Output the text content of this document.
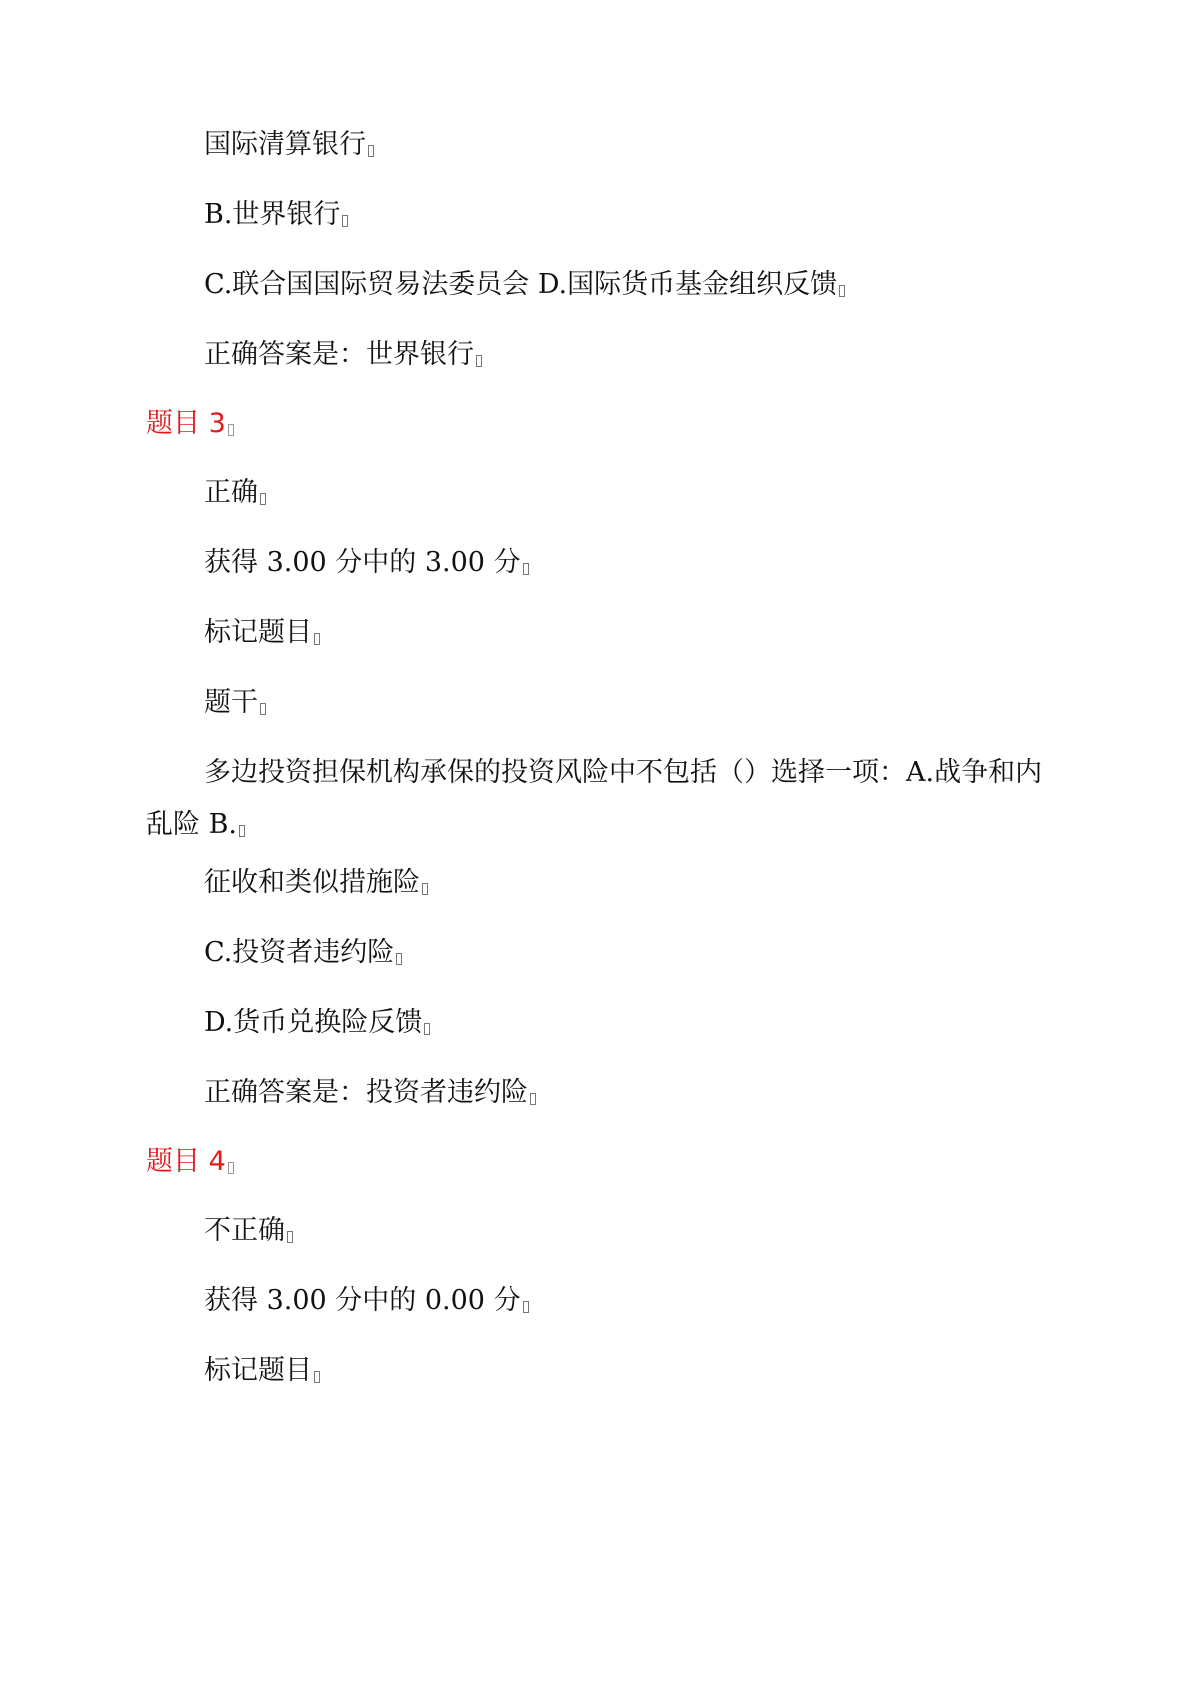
国际清算银行
B.世界银行
C.联合国国际贸易法委员会 D.国际货币基金组织反馈
正确答案是：世界银行
题目 3
正确
获得 3.00 分中的 3.00 分
标记题目
题干
多边投资担保机构承保的投资风险中不包括（）选择一项：A.战争和内乱险 B.
征收和类似措施险
C.投资者违约险
D.货币兑换险反馈
正确答案是：投资者违约险
题目 4
不正确
获得 3.00 分中的 0.00 分
标记题目
